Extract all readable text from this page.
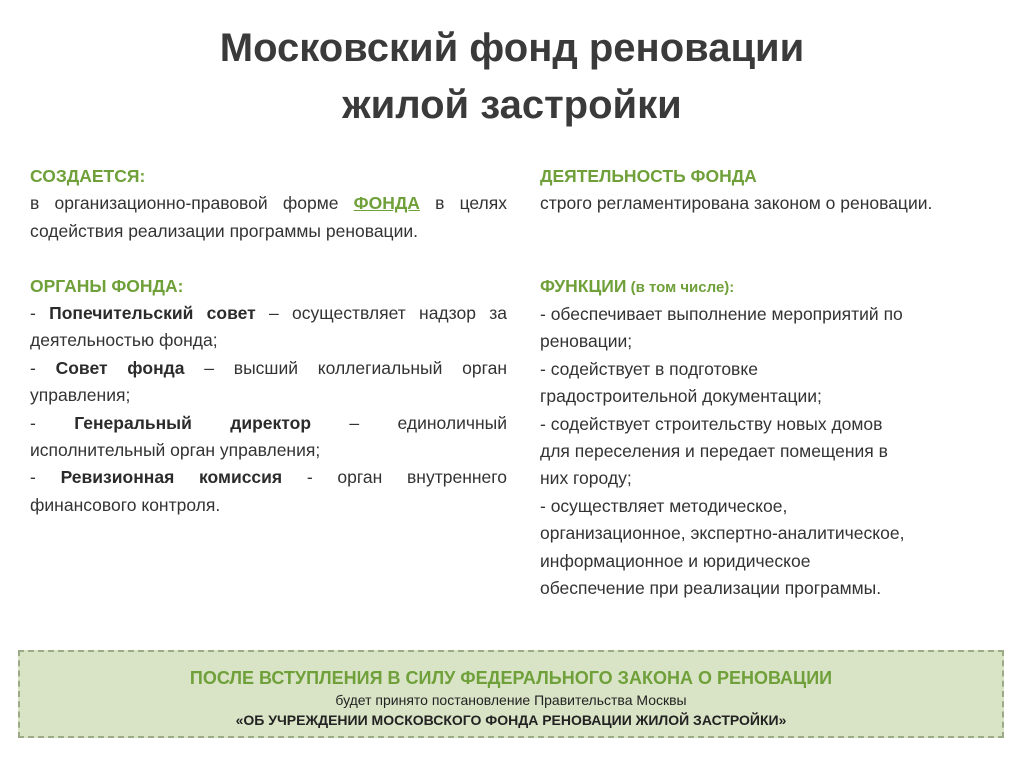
Московский фонд реновации
жилой застройки
СОЗДАЕТСЯ:
в организационно-правовой форме ФОНДА в целях содействия реализации программы реновации.
ОРГАНЫ ФОНДА:
- Попечительский совет – осуществляет надзор за деятельностью фонда;
- Совет фонда – высший коллегиальный орган управления;
- Генеральный директор – единоличный исполнительный орган управления;
- Ревизионная комиссия - орган внутреннего финансового контроля.
ДЕЯТЕЛЬНОСТЬ ФОНДА
строго регламентирована законом о реновации.
ФУНКЦИИ (в том числе):
- обеспечивает выполнение мероприятий по
реновации;
- содействует в подготовке
градостроительной документации;
- содействует строительству новых домов
для переселения и передает помещения в
них городу;
- осуществляет методическое,
организационное, экспертно-аналитическое,
информационное и юридическое
обеспечение при реализации программы.
ПОСЛЕ ВСТУПЛЕНИЯ В СИЛУ ФЕДЕРАЛЬНОГО ЗАКОНА О РЕНОВАЦИИ
будет принято постановление Правительства Москвы
«ОБ УЧРЕЖДЕНИИ МОСКОВСКОГО ФОНДА РЕНОВАЦИИ ЖИЛОЙ ЗАСТРОЙКИ»
